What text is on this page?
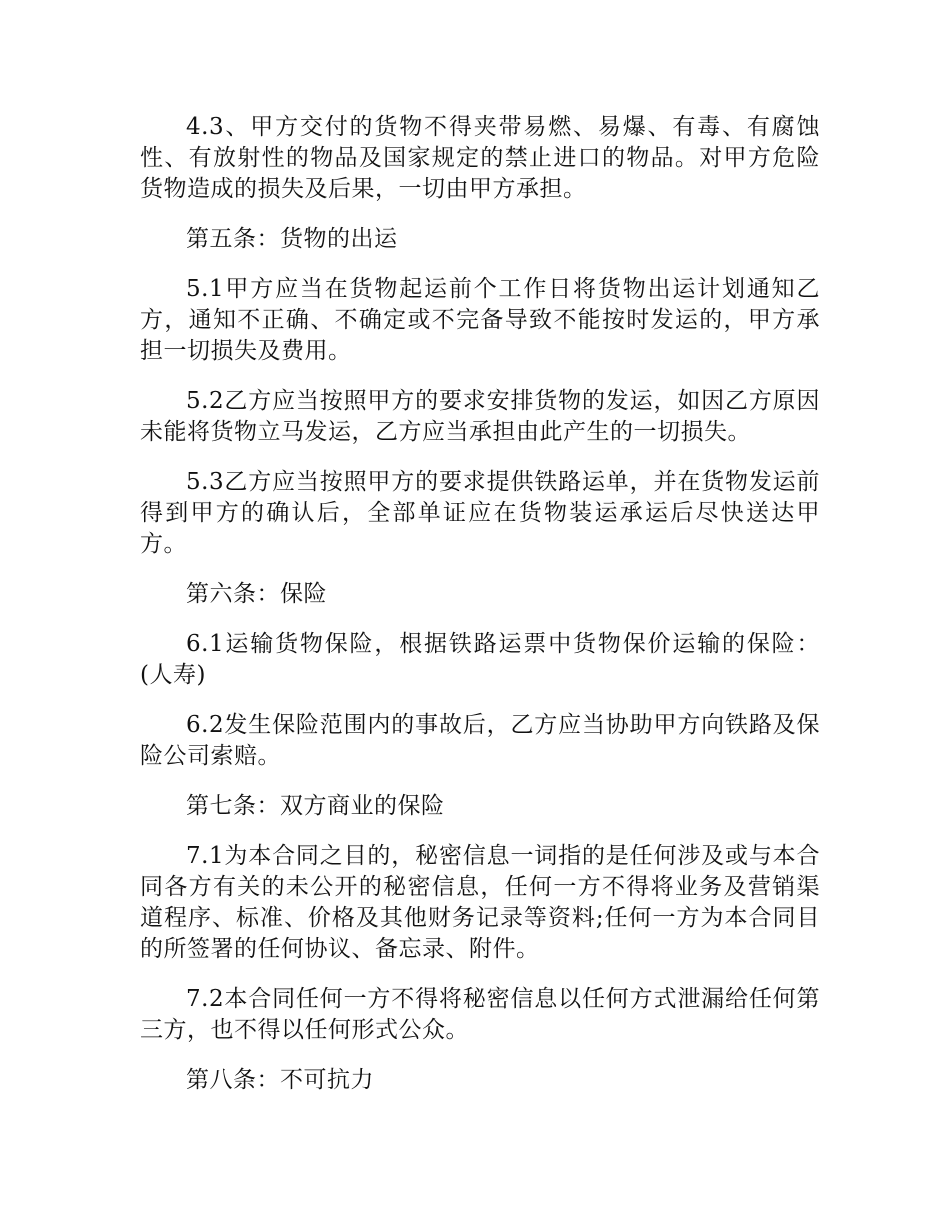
4.3、甲方交付的货物不得夹带易燃、易爆、有毒、有腐蚀性、有放射性的物品及国家规定的禁止进口的物品。对甲方危险货物造成的损失及后果，一切由甲方承担。

第五条：货物的出运

5.1甲方应当在货物起运前个工作日将货物出运计划通知乙方，通知不正确、不确定或不完备导致不能按时发运的，甲方承担一切损失及费用。

5.2乙方应当按照甲方的要求安排货物的发运，如因乙方原因未能将货物立马发运，乙方应当承担由此产生的一切损失。

5.3乙方应当按照甲方的要求提供铁路运单，并在货物发运前得到甲方的确认后，全部单证应在货物装运承运后尽快送达甲方。

第六条：保险

6.1运输货物保险，根据铁路运票中货物保价运输的保险：(人寿)

6.2发生保险范围内的事故后，乙方应当协助甲方向铁路及保险公司索赔。

第七条：双方商业的保险

7.1为本合同之目的，秘密信息一词指的是任何涉及或与本合同各方有关的未公开的秘密信息，任何一方不得将业务及营销渠道程序、标准、价格及其他财务记录等资料;任何一方为本合同目的所签署的任何协议、备忘录、附件。

7.2本合同任何一方不得将秘密信息以任何方式泄漏给任何第三方，也不得以任何形式公众。

第八条：不可抗力
